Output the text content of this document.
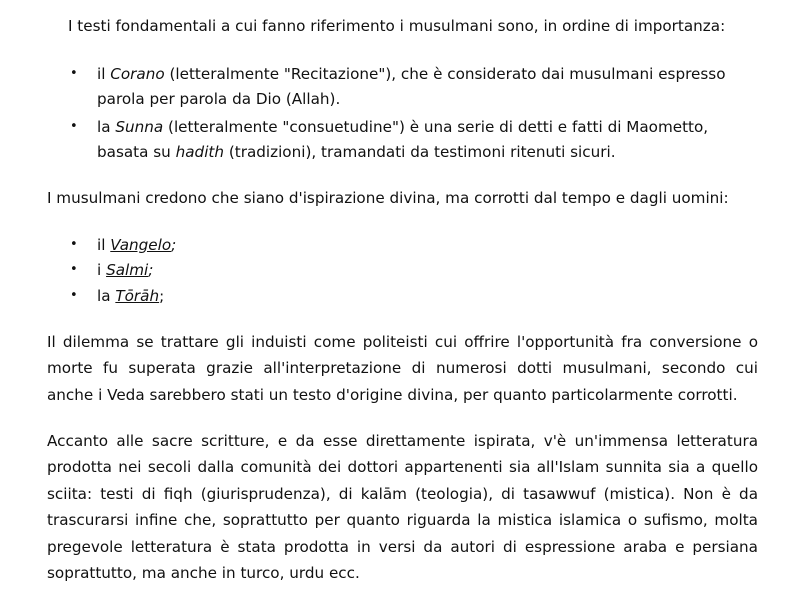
I testi fondamentali a cui fanno riferimento i musulmani sono, in ordine di importanza:
• il Corano (letteralmente "Recitazione"), che è considerato dai musulmani espresso
parola per parola da Dio (Allah).
• la Sunna (letteralmente "consuetudine") è una serie di detti e fatti di Maometto,
basata su hadith (tradizioni), tramandati da testimoni ritenuti sicuri.
I musulmani credono che siano d'ispirazione divina, ma corrotti dal tempo e dagli uomini:
• il Vangelo;
• i Salmi;
• la Tōrāh;
Il dilemma se trattare gli induisti come politeisti cui offrire l'opportunità fra conversione o
morte fu superata grazie all'interpretazione di numerosi dotti musulmani, secondo cui
anche i Veda sarebbero stati un testo d'origine divina, per quanto particolarmente corrotti.
Accanto alle sacre scritture, e da esse direttamente ispirata, v'è un'immensa letteratura
prodotta nei secoli dalla comunità dei dottori appartenenti sia all'Islam sunnita sia a quello
sciita: testi di fiqh (giurisprudenza), di kalām (teologia), di tasawwuf (mistica). Non è da
trascurarsi infine che, soprattutto per quanto riguarda la mistica islamica o sufismo, molta
pregevole letteratura è stata prodotta in versi da autori di espressione araba e persiana
soprattutto, ma anche in turco, urdu ecc.
